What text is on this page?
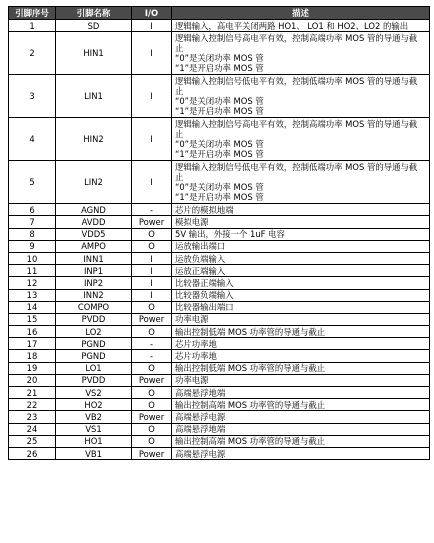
引脚序号	引脚名称	I/O	描述
1	SD	I	逻辑输入，高电平关闭两路 HO1、 LO1 和 HO2、LO2 的输出

2	HIN1	I	逻辑输入控制信号高电平有效，控制高端功率 MOS 管的导通与截
止
“0”是关闭功率 MOS 管
“1”是开启功率 MOS 管

3	LIN1	I	逻辑输入控制信号低电平有效，控制低端功率 MOS 管的导通与截
止
“0”是关闭功率 MOS 管
“1”是开启功率 MOS 管

4	HIN2	I	逻辑输入控制信号高电平有效，控制高端功率 MOS 管的导通与截
止
“0”是关闭功率 MOS 管
“1”是开启功率 MOS 管

5	LIN2	I	逻辑输入控制信号低电平有效，控制低端功率 MOS 管的导通与截
止
“0”是关闭功率 MOS 管
“1”是开启功率 MOS 管

6	AGND	-	芯片的模拟地端

7	AVDD	Power	模拟电源

8	VDD5	O	5V 输出，外接一个 1uF 电容

9	AMPO	O	运放输出端口

10	INN1	I	运放负端输入

11	INP1	I	运放正端输入

12	INP2	I	比较器正端输入

13	INN2	I	比较器负端输入

14	COMPO	O	比较器输出端口

15	PVDD	Power	功率电源

16	LO2	O	输出控制低端 MOS 功率管的导通与截止

17	PGND	-	芯片功率地

18	PGND	-	芯片功率地

19	LO1	O	输出控制低端 MOS 功率管的导通与截止

20	PVDD	Power	功率电源

21	VS2	O	高端悬浮地端

22	HO2	O	输出控制高端 MOS 功率管的导通与截止

23	VB2	Power	高端悬浮电源

24	VS1	O	高端悬浮地端

25	HO1	O	输出控制高端 MOS 功率管的导通与截止

26	VB1	Power	高端悬浮电源
